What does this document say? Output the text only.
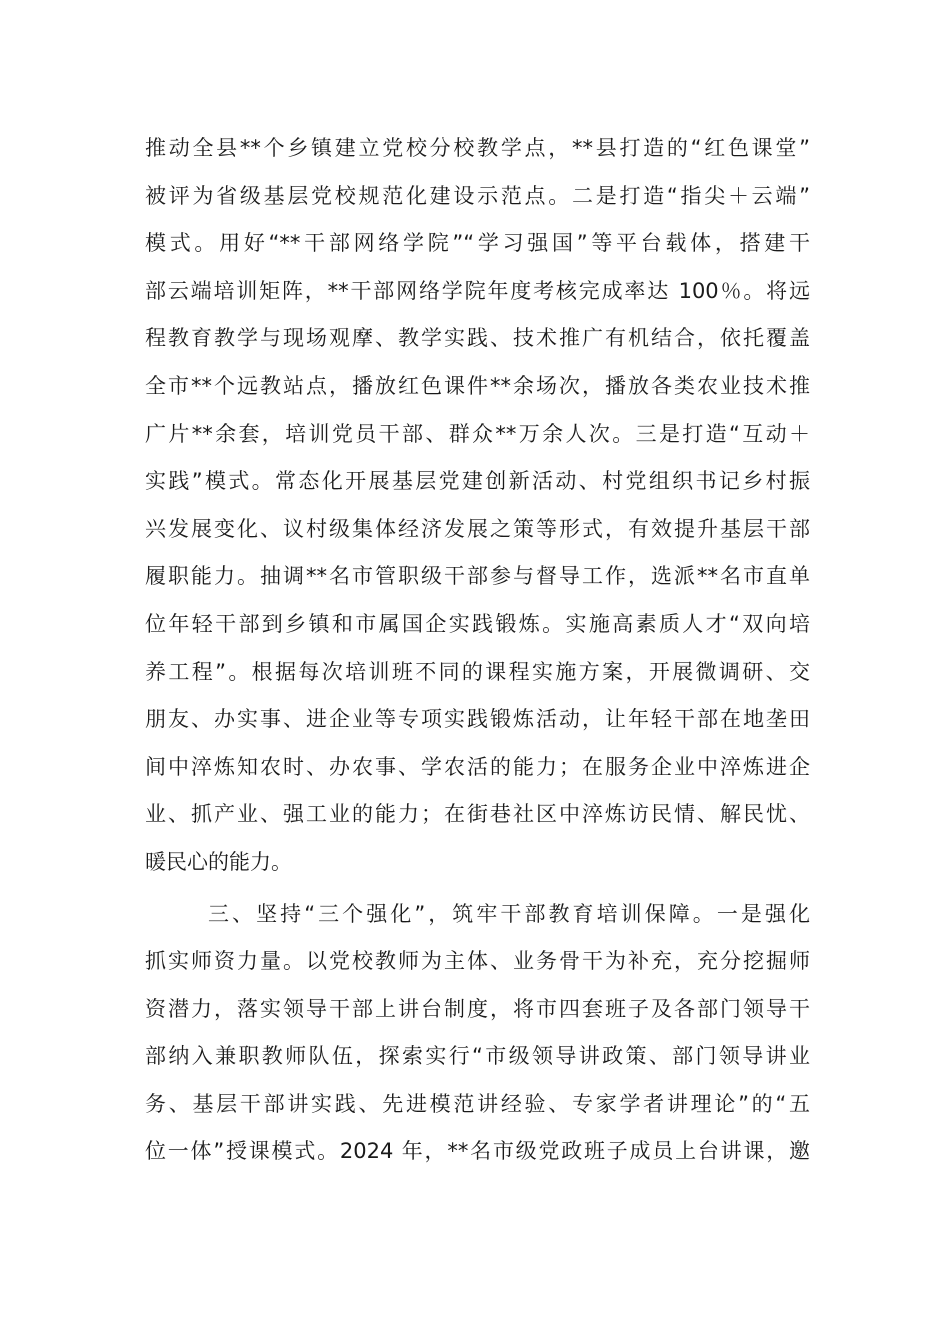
推动全县**个乡镇建立党校分校教学点，**县打造的“红色课堂”
被评为省级基层党校规范化建设示范点。二是打造“指尖＋云端”
模式。用好“**干部网络学院”“学习强国”等平台载体，搭建干
部云端培训矩阵，**干部网络学院年度考核完成率达 100％。将远
程教育教学与现场观摩、教学实践、技术推广有机结合，依托覆盖
全市**个远教站点，播放红色课件**余场次，播放各类农业技术推
广片**余套，培训党员干部、群众**万余人次。三是打造“互动＋
实践”模式。常态化开展基层党建创新活动、村党组织书记乡村振
兴发展变化、议村级集体经济发展之策等形式，有效提升基层干部
履职能力。抽调**名市管职级干部参与督导工作，选派**名市直单
位年轻干部到乡镇和市属国企实践锻炼。实施高素质人才“双向培
养工程”。根据每次培训班不同的课程实施方案，开展微调研、交
朋友、办实事、进企业等专项实践锻炼活动，让年轻干部在地垄田
间中淬炼知农时、办农事、学农活的能力；在服务企业中淬炼进企
业、抓产业、强工业的能力；在街巷社区中淬炼访民情、解民忧、
暖民心的能力。
三、坚持“三个强化”，筑牢干部教育培训保障。一是强化
抓实师资力量。以党校教师为主体、业务骨干为补充，充分挖掘师
资潜力，落实领导干部上讲台制度，将市四套班子及各部门领导干
部纳入兼职教师队伍，探索实行“市级领导讲政策、部门领导讲业
务、基层干部讲实践、先进模范讲经验、专家学者讲理论”的“五
位一体”授课模式。2024 年，**名市级党政班子成员上台讲课，邀
